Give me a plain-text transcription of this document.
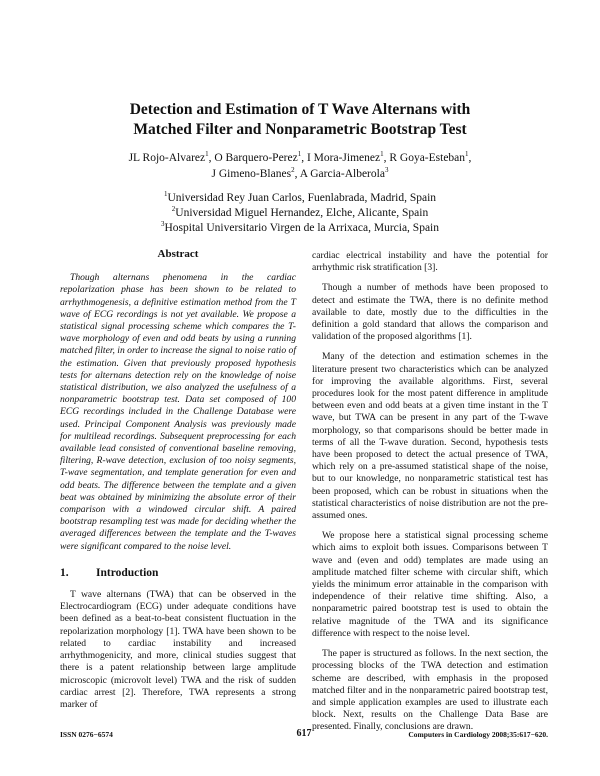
Detection and Estimation of T Wave Alternans with
Matched Filter and Nonparametric Bootstrap Test
JL Rojo-Alvarez$^1$, O Barquero-Perez$^1$, I Mora-Jimenez$^1$, R Goya-Esteban$^1$,
J Gimeno-Blanes$^2$, A Garcia-Alberola$^3$
$^1$Universidad Rey Juan Carlos, Fuenlabrada, Madrid, Spain
$^2$Universidad Miguel Hernandez, Elche, Alicante, Spain
$^3$Hospital Universitario Virgen de la Arrixaca, Murcia, Spain
Abstract

Though alternans phenomena in the cardiac repolarization phase has been shown to be related to arrhythmogenesis, a definitive estimation method from the T wave of ECG recordings is not yet available. We propose a statistical signal processing scheme which compares the T-wave morphology of even and odd beats by using a running matched filter, in order to increase the signal to noise ratio of the estimation. Given that previously proposed hypothesis tests for alternans detection rely on the knowledge of noise statistical distribution, we also analyzed the usefulness of a nonparametric bootstrap test. Data set composed of 100 ECG recordings included in the Challenge Database were used. Principal Component Analysis was previously made for multilead recordings. Subsequent preprocessing for each available lead consisted of conventional baseline removing, filtering, R-wave detection, exclusion of too noisy segments, T-wave segmentation, and template generation for even and odd beats. The difference between the template and a given beat was obtained by minimizing the absolute error of their comparison with a windowed circular shift. A paired bootstrap resampling test was made for deciding whether the averaged differences between the template and the T-waves were significant compared to the noise level.

1.	Introduction

T wave alternans (TWA) that can be observed in the Electrocardiogram (ECG) under adequate conditions have been defined as a beat-to-beat consistent fluctuation in the repolarization morphology [1]. TWA have been shown to be related to cardiac instability and increased arrhythmogenicity, and more, clinical studies suggest that there is a patent relationship between large amplitude microscopic (microvolt level) TWA and the risk of sudden cardiac arrest [2]. Therefore, TWA represents a strong marker of

cardiac electrical instability and have the potential for arrhythmic risk stratification [3].

Though a number of methods have been proposed to detect and estimate the TWA, there is no definite method available to date, mostly due to the difficulties in the definition a gold standard that allows the comparison and validation of the proposed algorithms [1].

Many of the detection and estimation schemes in the literature present two characteristics which can be analyzed for improving the available algorithms. First, several procedures look for the most patent difference in amplitude between even and odd beats at a given time instant in the T wave, but TWA can be present in any part of the T-wave morphology, so that comparisons should be better made in terms of all the T-wave duration. Second, hypothesis tests have been proposed to detect the actual presence of TWA, which rely on a pre-assumed statistical shape of the noise, but to our knowledge, no nonparametric statistical test has been proposed, which can be robust in situations when the statistical characteristics of noise distribution are not the pre-assumed ones.

We propose here a statistical signal processing scheme which aims to exploit both issues. Comparisons between T wave and (even and odd) templates are made using an amplitude matched filter scheme with circular shift, which yields the minimum error attainable in the comparison with independence of their relative time shifting. Also, a nonparametric paired bootstrap test is used to obtain the relative magnitude of the TWA and its significance difference with respect to the noise level.

The paper is structured as follows. In the next section, the processing blocks of the TWA detection and estimation scheme are described, with emphasis in the proposed matched filter and in the nonparametric paired bootstrap test, and simple application examples are used to illustrate each block. Next, results on the Challenge Data Base are presented. Finally, conclusions are drawn.

ISSN 0276−6574	617	Computers in Cardiology 2008;35:617−620.
